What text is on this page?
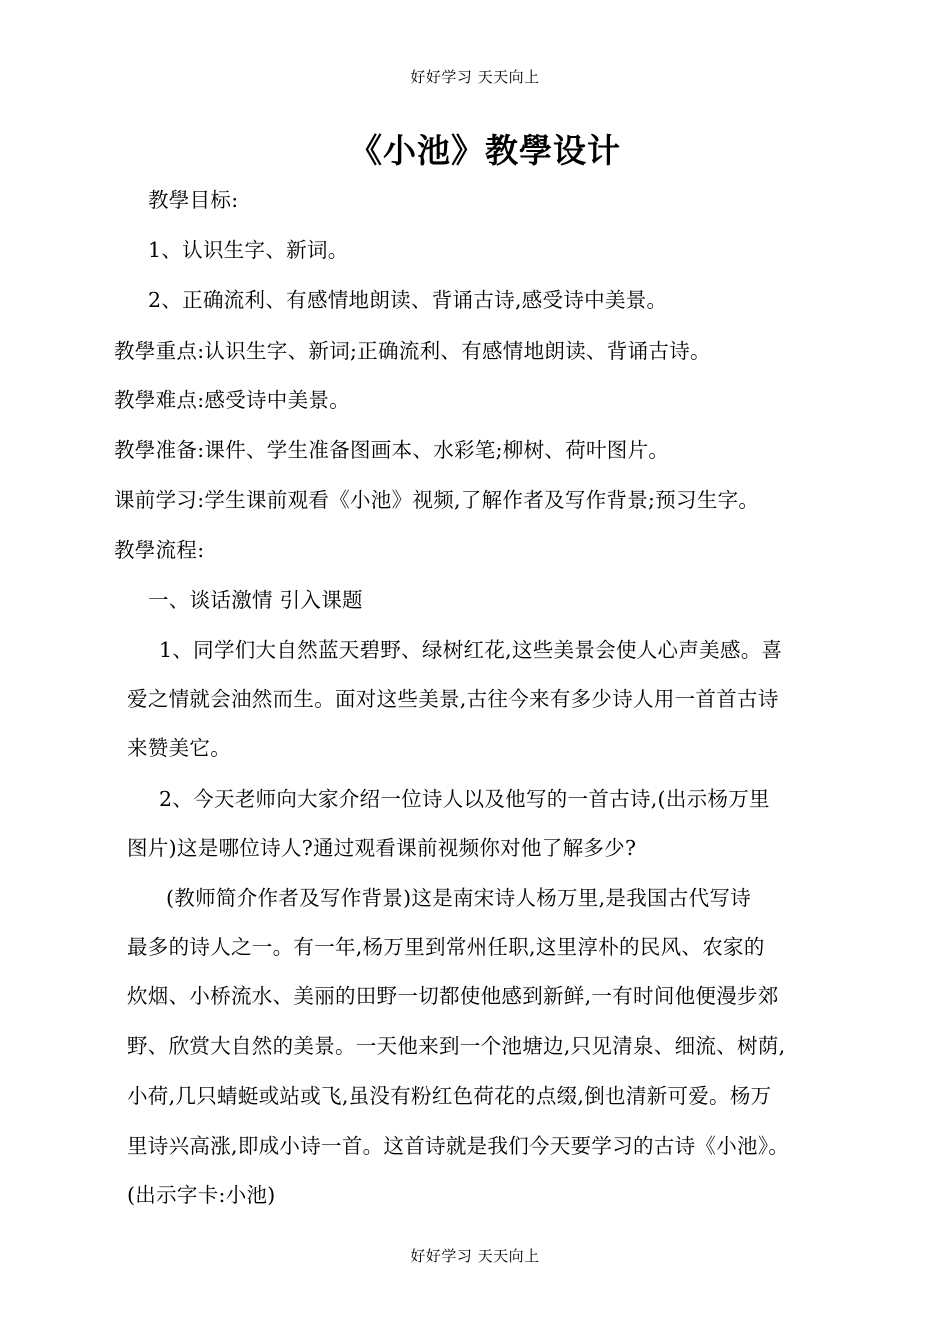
好好学习 天天向上
《小池》教學设计
教學目标:
1、认识生字、新词。
2、正确流利、有感情地朗读、背诵古诗,感受诗中美景。
教學重点:认识生字、新词;正确流利、有感情地朗读、背诵古诗。
教學难点:感受诗中美景。
教學准备:课件、学生准备图画本、水彩笔;柳树、荷叶图片。
课前学习:学生课前观看《小池》视频,了解作者及写作背景;预习生字。
教學流程:
一、谈话激情 引入课题
1、同学们大自然蓝天碧野、绿树红花,这些美景会使人心声美感。喜
爱之情就会油然而生。面对这些美景,古往今来有多少诗人用一首首古诗
来赞美它。
2、今天老师向大家介绍一位诗人以及他写的一首古诗,(出示杨万里
图片)这是哪位诗人?通过观看课前视频你对他了解多少?
(教师简介作者及写作背景)这是南宋诗人杨万里,是我国古代写诗
最多的诗人之一。有一年,杨万里到常州任职,这里淳朴的民风、农家的
炊烟、小桥流水、美丽的田野一切都使他感到新鲜,一有时间他便漫步郊
野、欣赏大自然的美景。一天他来到一个池塘边,只见清泉、细流、树荫,
小荷,几只蜻蜓或站或飞,虽没有粉红色荷花的点缀,倒也清新可爱。杨万
里诗兴高涨,即成小诗一首。这首诗就是我们今天要学习的古诗《小池》。
(出示字卡:小池)
好好学习 天天向上
